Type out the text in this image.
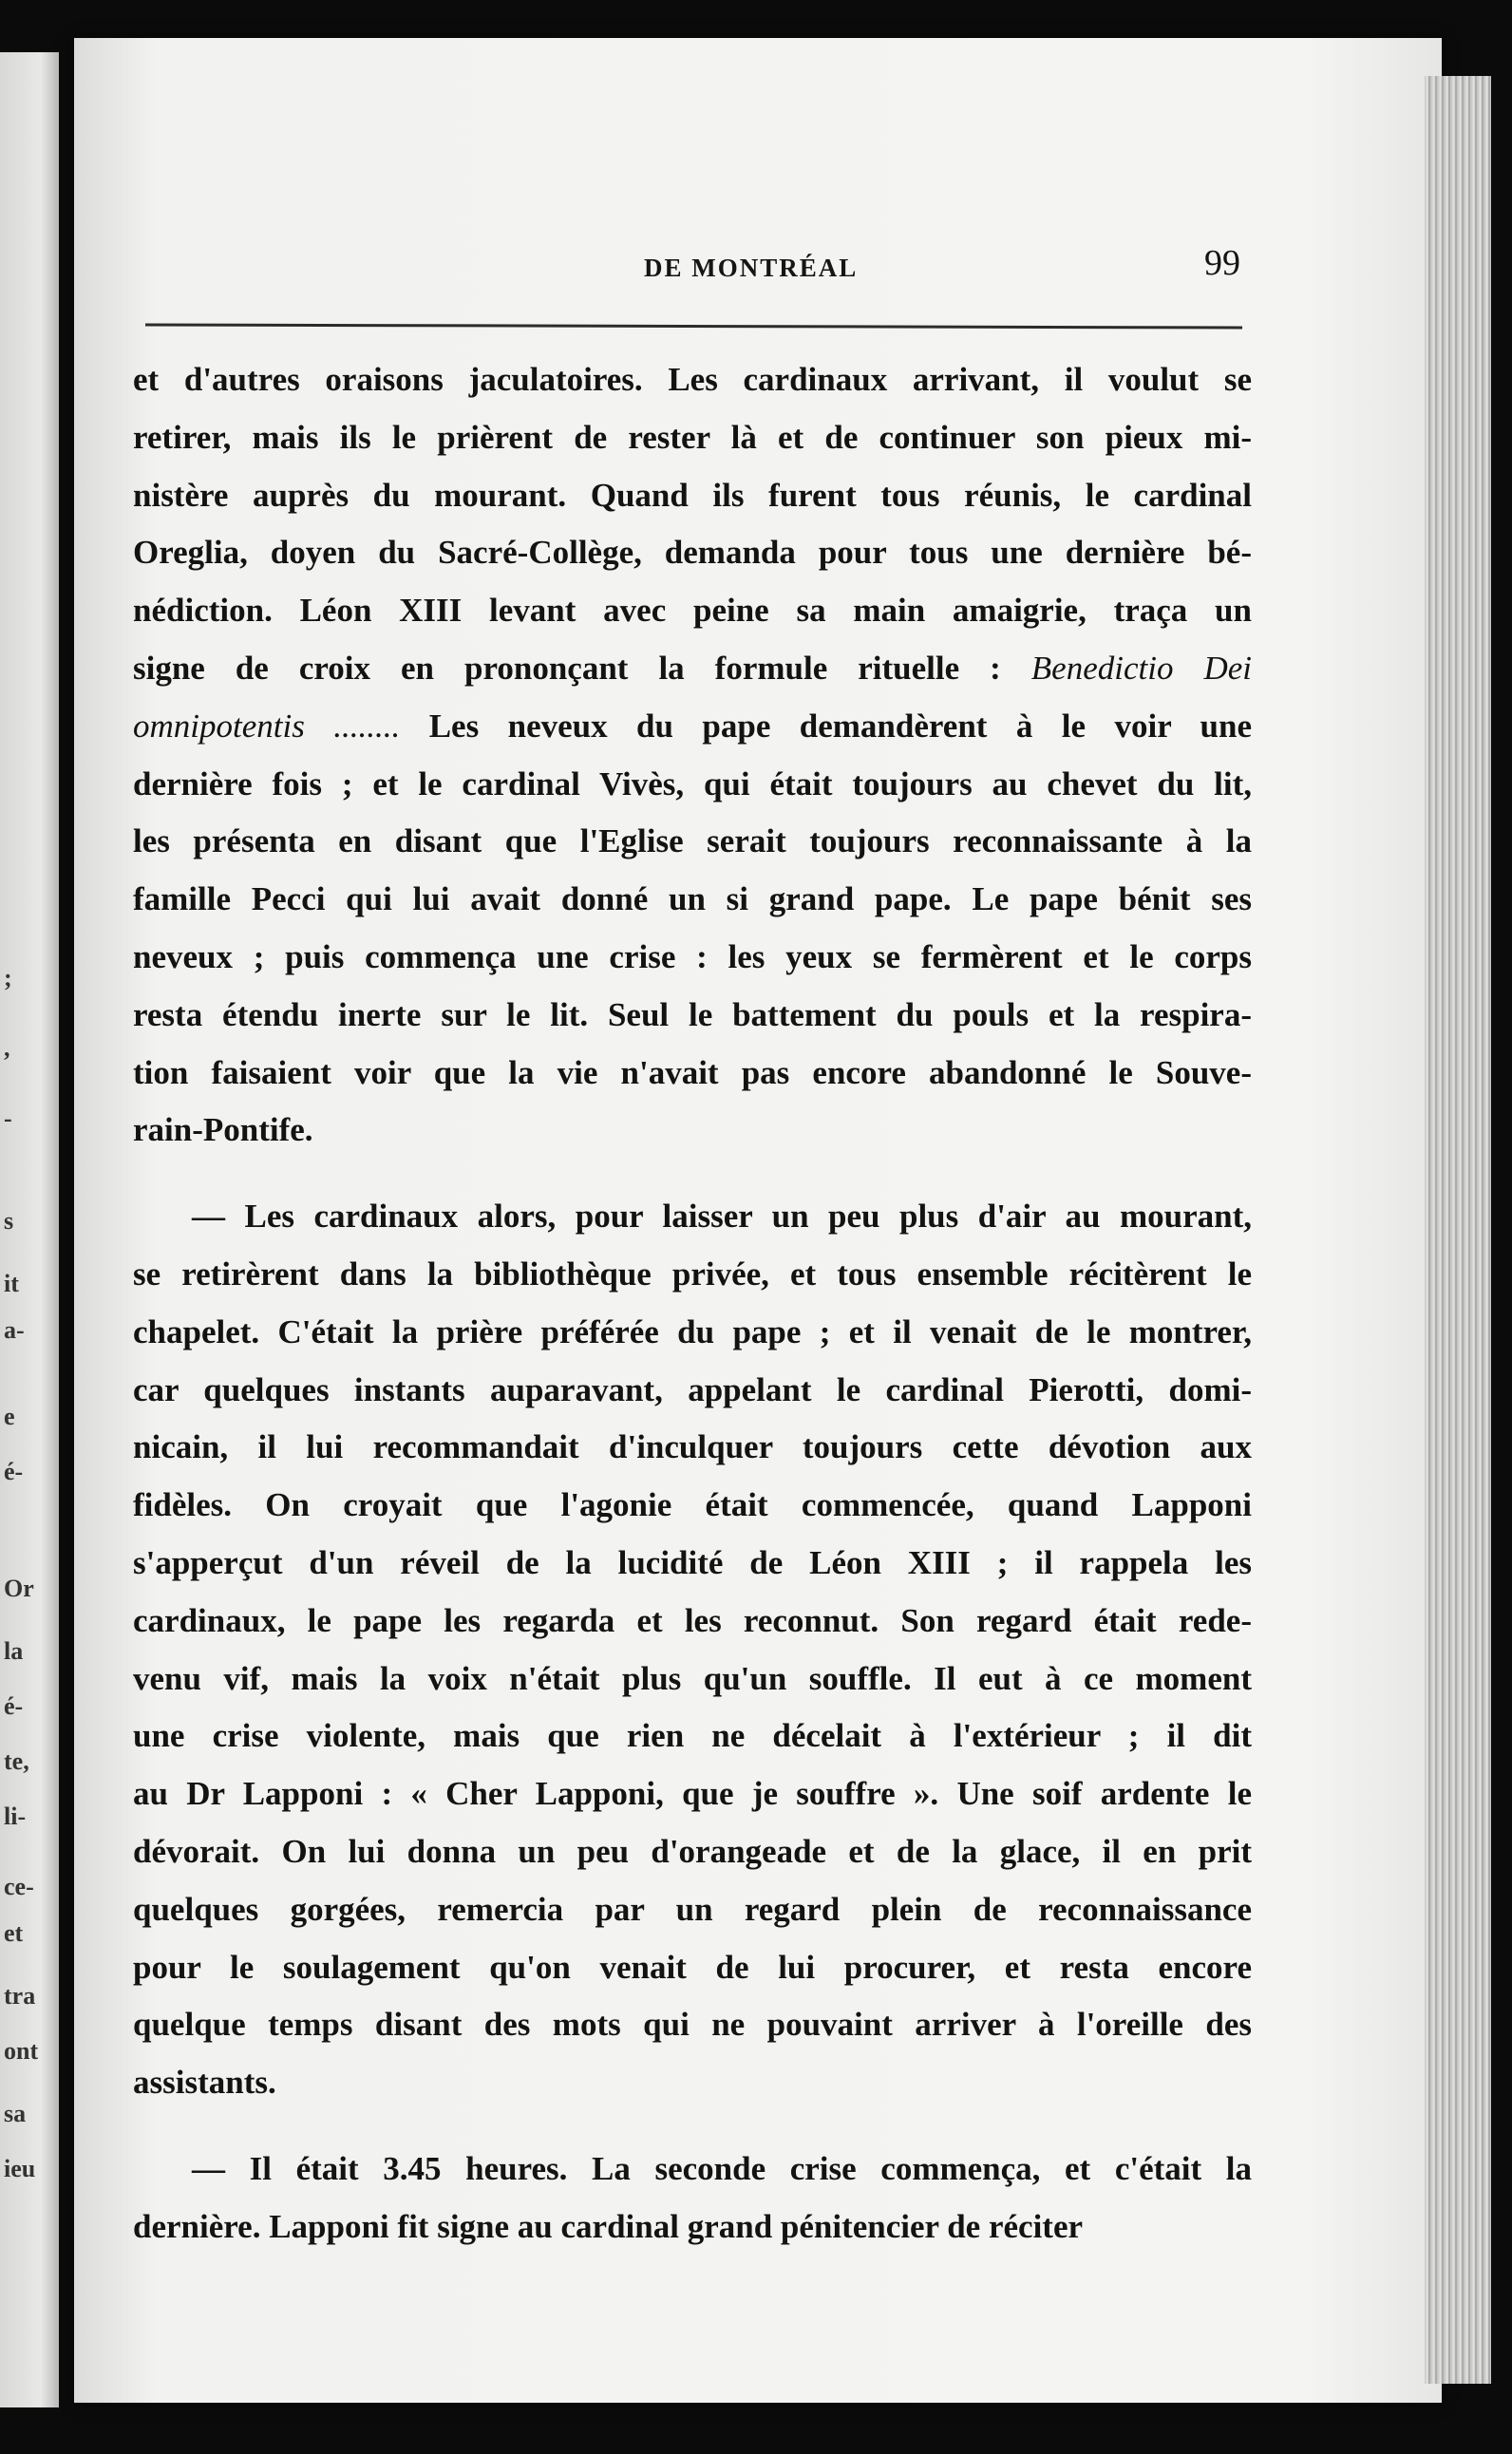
;
,
-
s
it
a-
e
é-
Or
la
é-
te,
li-
ce-
et
tra
ont
sa
ieu
DE MONTRÉAL	99
et d'autres oraisons jaculatoires. Les cardinaux arrivant, il voulut se
retirer, mais ils le prièrent de rester là et de continuer son pieux mi-
nistère auprès du mourant. Quand ils furent tous réunis, le cardinal
Oreglia, doyen du Sacré-Collège, demanda pour tous une dernière bé-
nédiction. Léon XIII levant avec peine sa main amaigrie, traça un
signe de croix en prononçant la formule rituelle : Benedictio Dei
omnipotentis ........ Les neveux du pape demandèrent à le voir une
dernière fois ; et le cardinal Vivès, qui était toujours au chevet du lit,
les présenta en disant que l'Eglise serait toujours reconnaissante à la
famille Pecci qui lui avait donné un si grand pape. Le pape bénit ses
neveux ; puis commença une crise : les yeux se fermèrent et le corps
resta étendu inerte sur le lit. Seul le battement du pouls et la respira-
tion faisaient voir que la vie n'avait pas encore abandonné le Souve-
rain-Pontife.
— Les cardinaux alors, pour laisser un peu plus d'air au mourant,
se retirèrent dans la bibliothèque privée, et tous ensemble récitèrent le
chapelet. C'était la prière préférée du pape ; et il venait de le montrer,
car quelques instants auparavant, appelant le cardinal Pierotti, domi-
nicain, il lui recommandait d'inculquer toujours cette dévotion aux
fidèles. On croyait que l'agonie était commencée, quand Lapponi
s'apperçut d'un réveil de la lucidité de Léon XIII ; il rappela les
cardinaux, le pape les regarda et les reconnut. Son regard était rede-
venu vif, mais la voix n'était plus qu'un souffle. Il eut à ce moment
une crise violente, mais que rien ne décelait à l'extérieur ; il dit
au Dr Lapponi : « Cher Lapponi, que je souffre ». Une soif ardente le
dévorait. On lui donna un peu d'orangeade et de la glace, il en prit
quelques gorgées, remercia par un regard plein de reconnaissance
pour le soulagement qu'on venait de lui procurer, et resta encore
quelque temps disant des mots qui ne pouvaint arriver à l'oreille des
assistants.
— Il était 3.45 heures. La seconde crise commença, et c'était la
dernière. Lapponi fit signe au cardinal grand pénitencier de réciter
